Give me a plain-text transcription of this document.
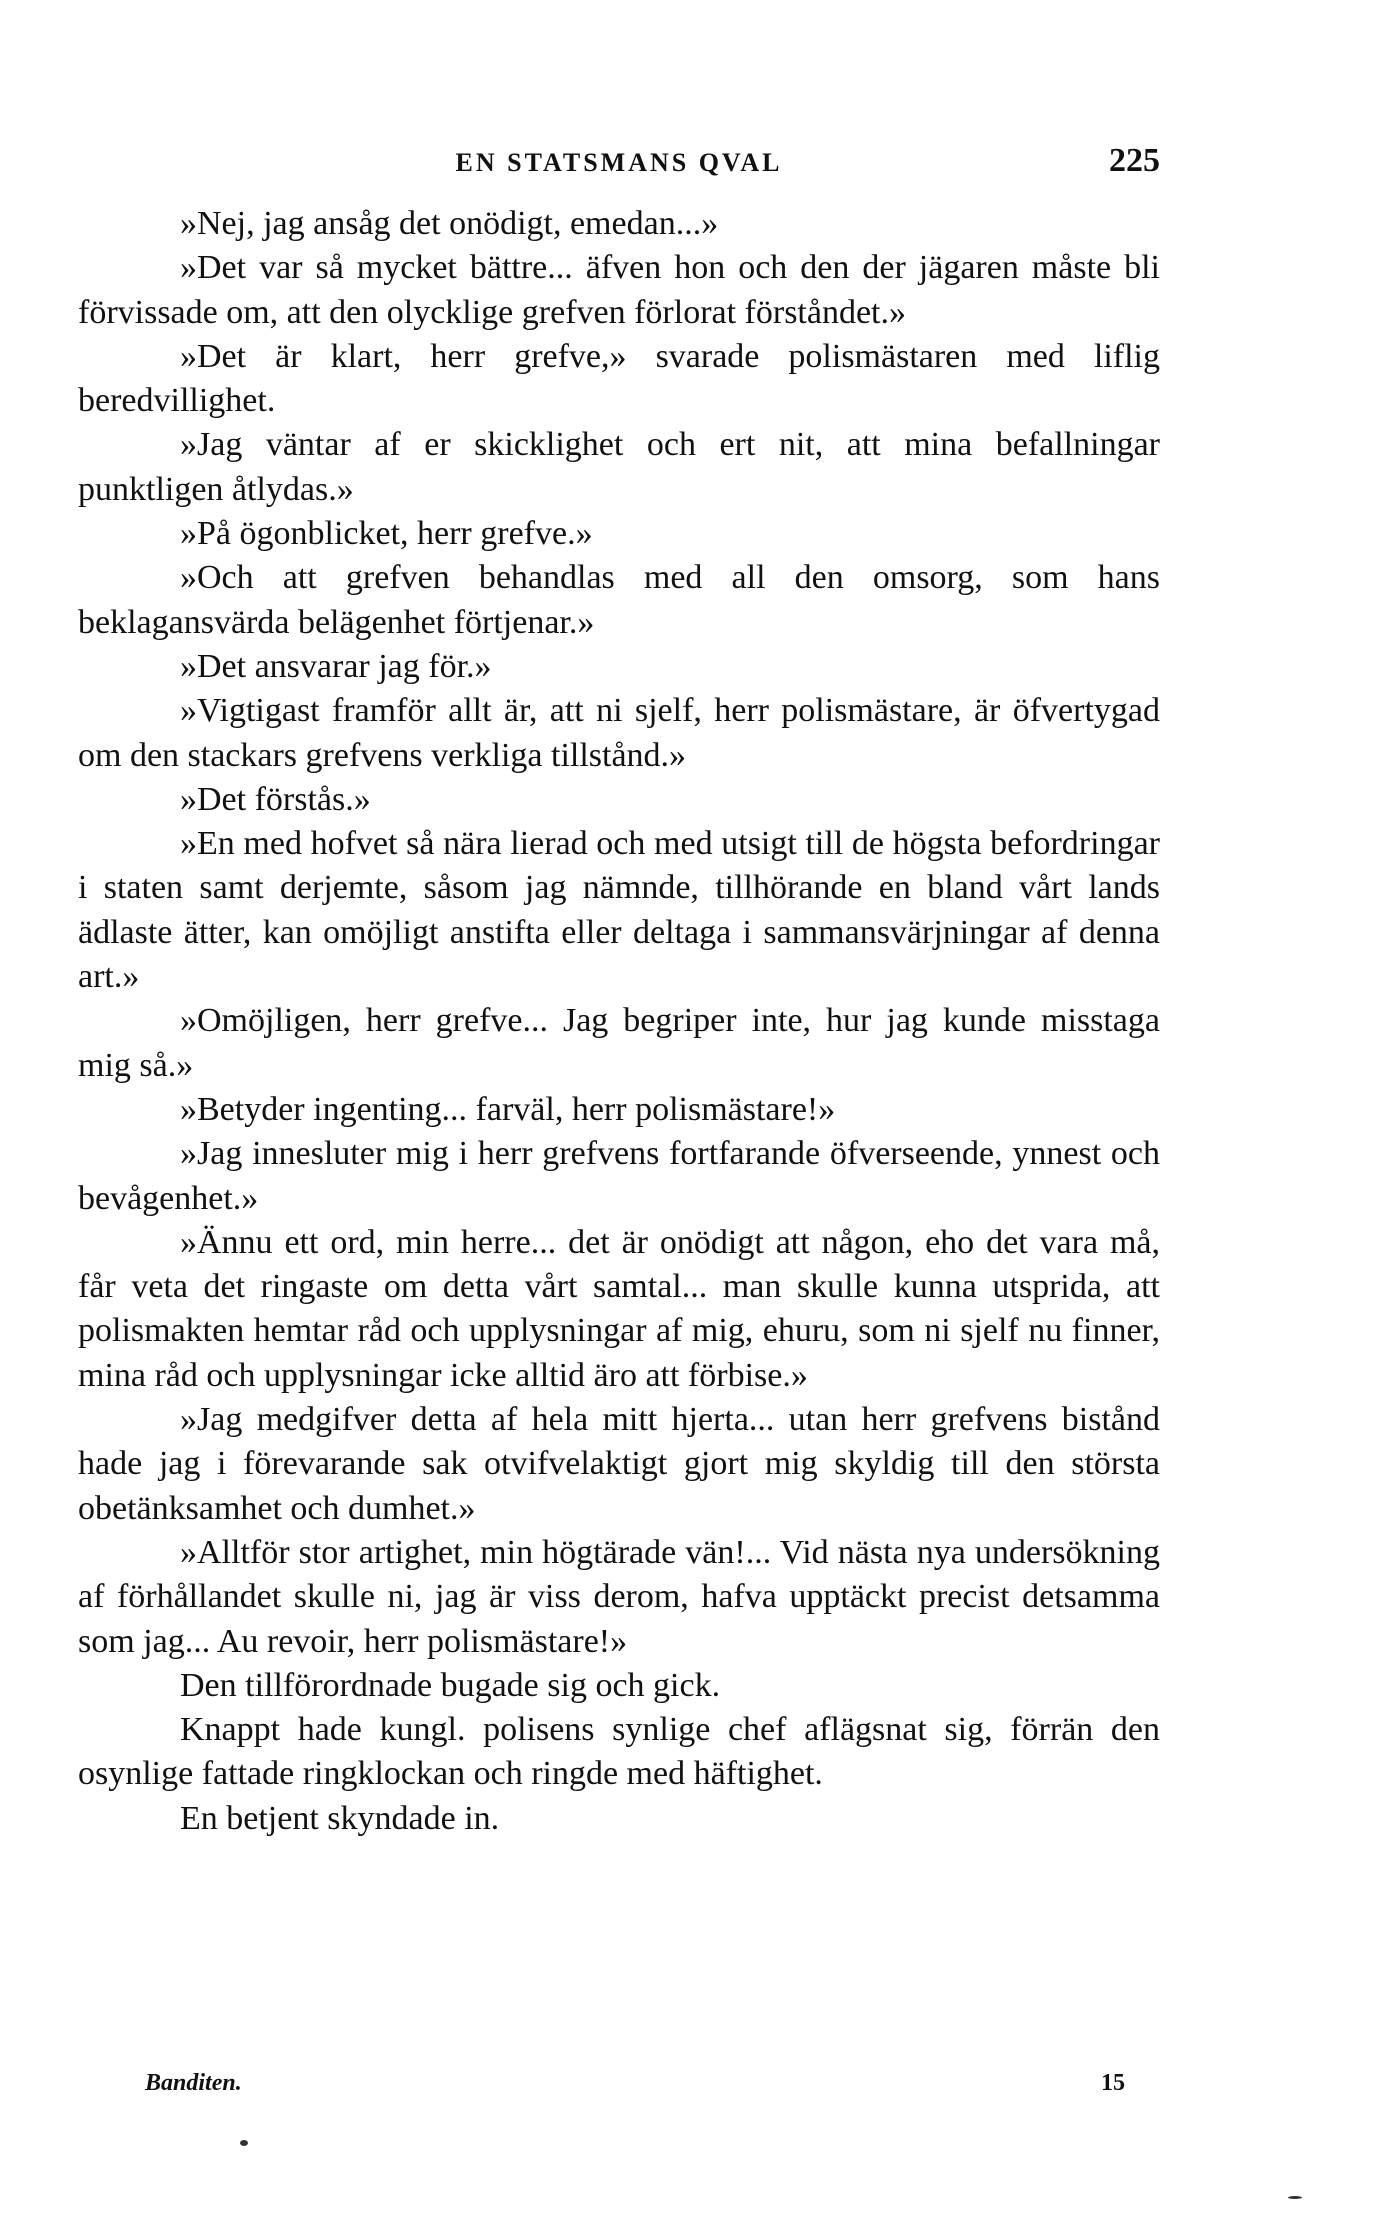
EN STATSMANS QVAL	225

»Nej, jag ansåg det onödigt, emedan...»

»Det var så mycket bättre... äfven hon och den der jägaren måste bli förvissade om, att den olycklige grefven förlorat förståndet.»

»Det är klart, herr grefve,» svarade polismästaren med liflig beredvillighet.

»Jag väntar af er skicklighet och ert nit, att mina befallningar punktligen åtlydas.»

»På ögonblicket, herr grefve.»

»Och att grefven behandlas med all den omsorg, som hans beklagansvärda belägenhet förtjenar.»

»Det ansvarar jag för.»

»Vigtigast framför allt är, att ni sjelf, herr polismästare, är öfvertygad om den stackars grefvens verkliga tillstånd.»

»Det förstås.»

»En med hofvet så nära lierad och med utsigt till de högsta befordringar i staten samt derjemte, såsom jag nämnde, tillhörande en bland vårt lands ädlaste ätter, kan omöjligt anstifta eller deltaga i sammansvärjningar af denna art.»

»Omöjligen, herr grefve... Jag begriper inte, hur jag kunde misstaga mig så.»

»Betyder ingenting... farväl, herr polismästare!»

»Jag innesluter mig i herr grefvens fortfarande öfverseende, ynnest och bevågenhet.»

»Ännu ett ord, min herre... det är onödigt att någon, eho det vara må, får veta det ringaste om detta vårt samtal... man skulle kunna utsprida, att polismakten hemtar råd och upplysningar af mig, ehuru, som ni sjelf nu finner, mina råd och upplysningar icke alltid äro att förbise.»

»Jag medgifver detta af hela mitt hjerta... utan herr grefvens bistånd hade jag i förevarande sak otvifvelaktigt gjort mig skyldig till den största obetänksamhet och dumhet.»

»Alltför stor artighet, min högtärade vän!... Vid nästa nya undersökning af förhållandet skulle ni, jag är viss derom, hafva upptäckt precist detsamma som jag... Au revoir, herr polismästare!»

Den tillförordnade bugade sig och gick.

Knappt hade kungl. polisens synlige chef aflägsnat sig, förrän den osynlige fattade ringklockan och ringde med häftighet.

En betjent skyndade in.

Banditen.	15
